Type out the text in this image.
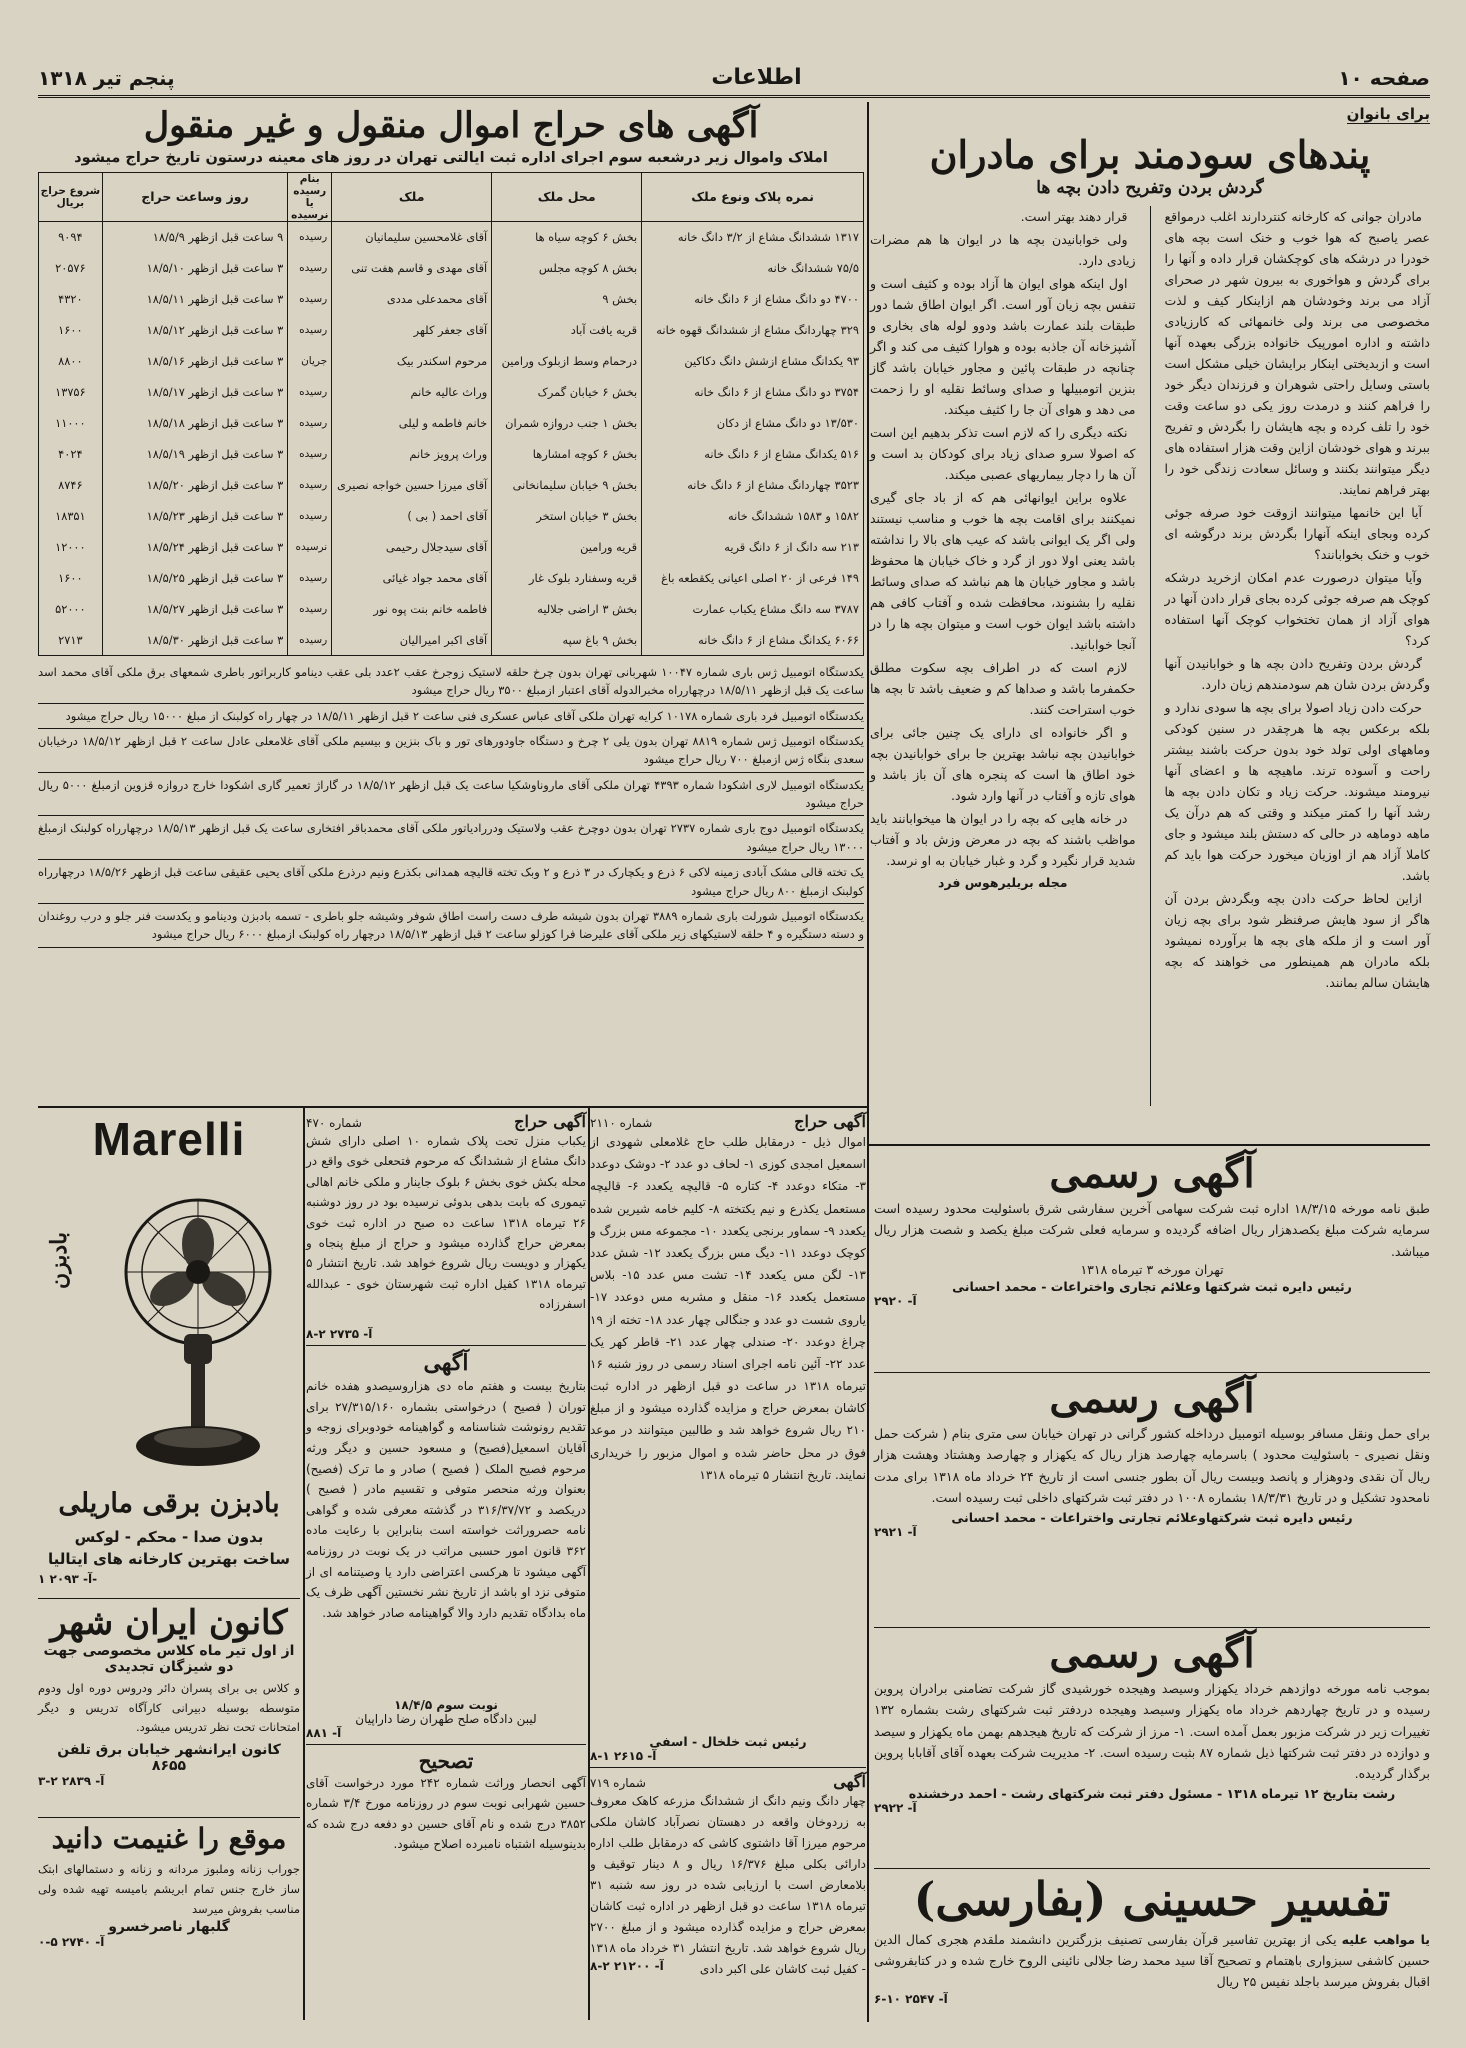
صفحه ۱۰
اطلاعات
پنجم تیر ۱۳۱۸
برای بانوان
پندهای سودمند برای مادران
گردش بردن وتفریح دادن بچه ها

مادران جوانی که کارخانه کنتردارند اغلب درمواقع عصر یاصبح که هوا خوب و خنک است بچه های خودرا در درشکه های کوچکشان قرار داده و آنها را برای گردش و هواخوری به بیرون شهر در صحرای آزاد می برند وخودشان هم ازاینکار کیف و لذت مخصوصی می برند ولی خانمهائی که کارزیادی داشته و اداره امورپیک خانواده بزرگی بعهده آنها است و ازبدیختی اینکار برایشان خیلی مشکل است باستی وسایل راحتی شوهران و فرزندان دیگر خود را فراهم کنند و درمدت روز یکی دو ساعت وقت خود را تلف کرده و بچه هایشان را بگردش و تفریح ببرند و هوای خودشان ازاین وقت هزار استفاده های دیگر میتوانند بکنند و وسائل سعادت زندگی خود را بهتر فراهم نمایند.

آیا این خانمها میتوانند ازوقت خود صرفه جوئی کرده وبجای اینکه آنهارا بگردش برند درگوشه ای خوب و خنک بخوابانند؟

وآیا میتوان درصورت عدم امکان ازخرید درشکه کوچک هم صرفه جوئی کرده بجای قرار دادن آنها در هوای آزاد از همان تختخواب کوچک آنها استفاده کرد؟

گردش بردن وتفریح دادن بچه ها و خوابانیدن آنها وگردش بردن شان هم سودمندهم زیان دارد.

حرکت دادن زیاد اصولا برای بچه ها سودی ندارد و بلکه برعکس بچه ها هرچقدر در سنین کودکی وماههای اولی تولد خود بدون حرکت باشند بیشتر راحت و آسوده ترند. ماهیچه ها و اعضای آنها نیرومند میشوند. حرکت زیاد و تکان دادن بچه ها رشد آنها را کمتر میکند و وقتی که هم درآن یک ماهه دوماهه در حالی که دستش بلند میشود و جای کاملا آزاد هم از اوزیان میخورد حرکت هوا باید کم باشد.

ازاین لحاظ حرکت دادن بچه وبگردش بردن آن هاگر از سود هایش صرفنظر شود برای بچه زیان آور است و از ملکه های بچه ها برآورده نمیشود بلکه مادران هم همینطور می خواهند که بچه هایشان سالم بمانند.

قرار دهند بهتر است.

ولی خوابانیدن بچه ها در ایوان ها هم مضرات زیادی دارد.

اول اینکه هوای ایوان ها آزاد بوده و کثیف است و تنفس بچه زیان آور است. اگر ایوان اطاق شما دور طبقات بلند عمارت باشد ودوو لوله های بخاری و آشپزخانه آن جاذبه بوده و هوارا کثیف می کند و اگر چنانچه در طبقات پائین و مجاور خیابان باشد گاز بنزین اتومبیلها و صدای وسائط نقلیه او را زحمت می دهد و هوای آن جا را کثیف میکند.

نکته دیگری را که لازم است تذکر بدهیم این است که اصولا سرو صدای زیاد برای کودکان بد است و آن ها را دچار بیماریهای عصبی میکند.

علاوه براین ایوانهائی هم که از باد جای گیری نمیکنند برای اقامت بچه ها خوب و مناسب نیستند ولی اگر یک ایوانی باشد که عیب های بالا را نداشته باشد یعنی اولا دور از گرد و خاک خیابان ها محفوظ باشد و مجاور خیابان ها هم نباشد که صدای وسائط نقلیه را بشنوند، محافظت شده و آفتاب کافی هم داشته باشد ایوان خوب است و میتوان بچه ها را در آنجا خوابانید.

لازم است که در اطراف بچه سکوت مطلق حکمفرما باشد و صداها کم و ضعیف باشد تا بچه ها خوب استراحت کنند.

و اگر خانواده ای دارای یک چنین جائی برای خوابانیدن بچه نباشد بهترین جا برای خوابانیدن بچه خود اطاق ها است که پنجره های آن باز باشد و هوای تازه و آفتاب در آنها وارد شود.

در خانه هایی که بچه را در ایوان ها میخوابانند باید مواظب باشند که بچه در معرض وزش باد و آفتاب شدید قرار نگیرد و گرد و غبار خیابان به او نرسد.

مجله بریلیرهوس فرد
آگهی های حراج اموال منقول و غیر منقول
املاک واموال زیر درشعبه سوم اجرای اداره ثبت ایالتی تهران در روز های معینه درستون تاریخ حراج میشود
نمره پلاک ونوع ملک	محل ملک	ملک	بنام رسیده یا نرسیده	روز وساعت حراج	شروع حراج بریال
۱۳۱۷ ششدانگ مشاع از ۳/۲ دانگ خانه	بخش ۶ کوچه سیاه ها	آقای غلامحسین سلیمانیان	رسیده	۹ ساعت قبل ازظهر ۱۸/۵/۹	۹۰۹۴
۷۵/۵ ششدانگ خانه	بخش ۸ کوچه مجلس	آقای مهدی و قاسم هفت تنی	رسیده	۳ ساعت قبل ازظهر ۱۸/۵/۱۰	۲۰۵۷۶
۴۷۰۰ دو دانگ مشاع از ۶ دانگ خانه	بخش ۹	آقای محمدعلی مددی	رسیده	۳ ساعت قبل ازظهر ۱۸/۵/۱۱	۴۳۲۰
۳۲۹ چهاردانگ مشاع از ششدانگ قهوه خانه	قریه یافت آباد	آقای جعفر کلهر	رسیده	۳ ساعت قبل ازظهر ۱۸/۵/۱۲	۱۶۰۰
۹۳ یکدانگ مشاع ازشش دانگ دکاکین	درحمام وسط ازبلوک ورامین	مرحوم اسکندر بیک	جریان	۳ ساعت قبل ازظهر ۱۸/۵/۱۶	۸۸۰۰
۳۷۵۴ دو دانگ مشاع از ۶ دانگ خانه	بخش ۶ خیابان گمرک	وراث عالیه خانم	رسیده	۳ ساعت قبل ازظهر ۱۸/۵/۱۷	۱۳۷۵۶
۱۳/۵۳۰ دو دانگ مشاع از دکان	بخش ۱ جنب دروازه شمران	خانم فاطمه و لیلی	رسیده	۳ ساعت قبل ازظهر ۱۸/۵/۱۸	۱۱۰۰۰
۵۱۶ یکدانگ مشاع از ۶ دانگ خانه	بخش ۶ کوچه امشارها	وراث پرویز خانم	رسیده	۳ ساعت قبل ازظهر ۱۸/۵/۱۹	۴۰۲۴
۳۵۲۳ چهاردانگ مشاع از ۶ دانگ خانه	بخش ۹ خیابان سلیمانخانی	آقای میرزا حسین خواجه نصیری	رسیده	۳ ساعت قبل ازظهر ۱۸/۵/۲۰	۸۷۴۶
۱۵۸۲ و ۱۵۸۳ ششدانگ خانه	بخش ۳ خیابان استخر	آقای احمد ( بی )	رسیده	۳ ساعت قبل ازظهر ۱۸/۵/۲۳	۱۸۳۵۱
۲۱۳ سه دانگ از ۶ دانگ قریه	قریه ورامین	آقای سیدجلال رحیمی	نرسیده	۳ ساعت قبل ازظهر ۱۸/۵/۲۴	۱۲۰۰۰
۱۴۹ فرعی از ۲۰ اصلی اعیانی یکقطعه باغ	قریه وسفنارد بلوک غار	آقای محمد جواد غیائی	رسیده	۳ ساعت قبل ازظهر ۱۸/۵/۲۵	۱۶۰۰
۳۷۸۷ سه دانگ مشاع یکباب عمارت	بخش ۳ اراضی جلالیه	فاطمه خانم بنت پوه نور	رسیده	۳ ساعت قبل ازظهر ۱۸/۵/۲۷	۵۲۰۰۰
۶۰۶۶ یکدانگ مشاع از ۶ دانگ خانه	بخش ۹ باغ سپه	آقای اکبر امیرالیان	رسیده	۳ ساعت قبل ازظهر ۱۸/۵/۳۰	۲۷۱۳

یکدستگاه اتومبیل ژس باری شماره ۱۰۰۴۷ شهربانی تهران بدون چرخ حلقه لاستیک زوجرخ عقب ۲عدد بلی عقب دینامو کاربراتور باطری شمعهای برق ملکی آقای محمد اسد ساعت یک قبل ازظهر ۱۸/۵/۱۱ درچهارراه مخبرالدوله آقای اعتبار ازمبلغ ۳۵۰۰ ریال حراج میشود

یکدستگاه اتومبیل فرد باری شماره ۱۰۱۷۸ کرایه تهران ملکی آقای عباس عسکری فنی ساعت ۲ قبل ازظهر ۱۸/۵/۱۱ در چهار راه کولبنک از مبلغ ۱۵۰۰۰ ریال حراج میشود

یکدستگاه اتومبیل ژس شماره ۸۸۱۹ تهران بدون یلی ۲ چرخ و دستگاه جاودورهای تور و باک بنزین و بیسیم ملکی آقای غلامعلی عادل ساعت ۲ قبل ازظهر ۱۸/۵/۱۲ درخیابان سعدی بنگاه ژس ازمبلغ ۷۰۰ ریال حراج میشود

یکدستگاه اتومبیل لاری اشکودا شماره ۴۳۹۳ تهران ملکی آقای ماروناوشکیا ساعت یک قبل ازظهر ۱۸/۵/۱۲ در گاراژ تعمیر گاری اشکودا خارج دروازه قزوین ازمبلغ ۵۰۰۰ ریال حراج میشود

یکدستگاه اتومبیل دوج باری شماره ۲۷۳۷ تهران بدون دوچرخ عقب ولاستیک ودررادیاتور ملکی آقای محمدباقر افتخاری ساعت یک قبل ازظهر ۱۸/۵/۱۳ درچهارراه کولبنک ازمبلغ ۱۳۰۰۰ ریال حراج میشود

یک تخته قالی مشک آبادی زمینه لاکی ۶ ذرع و یکچارک در ۳ ذرع و ۲ وبک تخته قالیچه همدانی بکذرع ونیم درذرع ملکی آقای یحیی عقیقی ساعت قبل ازظهر ۱۸/۵/۲۶ درچهارراه کولبنک ازمبلغ ۸۰۰ ریال حراج میشود

یکدستگاه اتومبیل شورلت باری شماره ۳۸۸۹ تهران بدون شیشه طرف دست راست اطاق شوفر وشیشه جلو باطری - تسمه بادبزن ودینامو و یکدست فنر جلو و درب روغندان و دسته دستگیره و ۴ حلقه لاستیکهای زیر ملکی آقای علیرضا فرا کوزلو ساعت ۲ قبل ازظهر ۱۸/۵/۱۳ درچهار راه کولبنک ازمبلغ ۶۰۰۰ ریال حراج میشود

آگهی حراج
شماره ۲۱۱۰
اموال ذیل - درمقابل طلب حاج غلامعلی شهودی از اسمعیل امجدی کوزی ۱- لحاف دو عدد ۲- دوشک دوعدد ۳- متکاء دوعدد ۴- کتاره ۵- قالیچه یکعدد ۶- قالیچه مستعمل یکذرع و نیم یکتخته ۸- کلیم خامه شیرین شده یکعدد ۹- سماور برنجی یکعدد ۱۰- مجموعه مس بزرگ و کوچک دوعدد ۱۱- دیگ مس بزرگ یکعدد ۱۲- شش عدد ۱۳- لگن مس یکعدد ۱۴- تشت مس عدد ۱۵- بلاس مستعمل یکعدد ۱۶- منقل و مشربه مس دوعدد ۱۷- یاروی شست دو عدد و جنگالی چهار عدد ۱۸- تخته از ۱۹ چراغ دوعدد ۲۰- صندلی چهار عدد ۲۱- قاطر کهر یک عدد ۲۲- آئین نامه اجرای اسناد رسمی در روز شنبه ۱۶ تیرماه ۱۳۱۸ در ساعت دو قبل ازظهر در اداره ثبت کاشان بمعرض حراج و مزایده گذارده میشود و از مبلغ ۲۱۰ ریال شروع خواهد شد و طالبین میتوانند در موعد فوق در محل حاضر شده و اموال مزبور را خریداری نمایند. تاریخ انتشار ۵ تیرماه ۱۳۱۸
رئیس ثبت خلخال - اسفی
آ- ۲۶۱۵ ۱-۸
آگهی
شماره ۷۱۹
چهار دانگ ونیم دانگ از ششدانگ مزرعه کاهک معروف به زردوخان واقعه در دهستان نصرآباد کاشان ملکی مرحوم میرزا آقا داشتوی کاشی که درمقابل طلب اداره دارائی بکلی مبلغ ۱۶/۳۷۶ ریال و ۸ دینار توقیف و بلامعارض است با ارزیابی شده در روز سه شنبه ۳۱ تیرماه ۱۳۱۸ ساعت دو قبل ازظهر در اداره ثبت کاشان بمعرض حراج و مزایده گذارده میشود و از مبلغ ۲۷۰۰ ریال شروع خواهد شد. تاریخ انتشار ۳۱ خرداد ماه ۱۳۱۸ - کفیل ثبت کاشان علی اکبر دادی
آ- ۲۱۲۰۰ ۲-۸
آگهی حراج
شماره ۴۷۰
یکباب منزل تحت پلاک شماره ۱۰ اصلی دارای شش دانگ مشاع از ششدانگ که مرحوم فتحعلی خوی واقع در محله بکش خوی بخش ۶ بلوک جاینار و ملکی خانم اهالی تیموری که بابت بدهی بدوئی نرسیده بود در روز دوشنبه ۲۶ تیرماه ۱۳۱۸ ساعت ده صبح در اداره ثبت خوی بمعرض حراج گذارده میشود و حراج از مبلغ پنجاه و یکهزار و دویست ریال شروع خواهد شد. تاریخ انتشار ۵ تیرماه ۱۳۱۸ کفیل اداره ثبت شهرستان خوی - عبدالله اسفرزاده
آ- ۲۷۳۵ ۲-۸
آگهی
بتاریخ بیست و هفتم ماه دی هزاروسیصدو هفده خانم توران ( فصیح ) درخواستی بشماره ۲۷/۳۱۵/۱۶۰ برای تقدیم رونوشت شناسنامه و گواهینامه خودوبرای زوجه و آقایان اسمعیل(فصیح) و مسعود حسین و دیگر ورثه مرحوم فصیح الملک ( فصیح ) صادر و ما ترک (فصیح) بعنوان ورثه منحصر متوفی و تقسیم مادر ( فصیح ) دریکصد و ۳۱۶/۳۷/۷۲ در گذشته معرفی شده و گواهی نامه حصروراثت خواسته است بنابراین با رعایت ماده ۳۶۲ قانون امور حسبی مراتب در یک نوبت در روزنامه آگهی میشود تا هرکسی اعتراضی دارد یا وصیتنامه ای از متوفی نزد او باشد از تاریخ نشر نخستین آگهی ظرف یک ماه بدادگاه تقدیم دارد والا گواهینامه صادر خواهد شد.
نوبت سوم ۱۸/۴/۵
لیبن دادگاه صلح طهران رضا داراپیان
آ- ۸۸۱
تصحیح
آگهی انحصار وراثت شماره ۲۴۲ مورد درخواست آقای حسین شهرابی نوبت سوم در روزنامه مورخ ۳/۴ شماره ۳۸۵۲ درج شده و نام آقای حسین دو دفعه درج شده که بدینوسیله اشتباه نامبرده اصلاح میشود.
Marelli
بادبزن
بادبزن برقی ماریلی
بدون صدا - محکم - لوکس
ساخت بهترین کارخانه های ایتالیا
آ- ۲۰۹۳ ۱-
کانون ایران شهر
از اول تیر ماه کلاس مخصوصی جهت دو شیزگان تجدیدی
و کلاس بی برای پسران دائر ودروس دوره اول ودوم متوسطه بوسیله دبیرانی کارآگاه تدریس و دیگر امتحانات تحت نظر تدریس میشود.
کانون ایرانشهر خیابان برق تلفن ۸۶۵۵
آ- ۲۸۳۹ ۲-۳
موقع را غنیمت دانید
جوراب زنانه وملبوز مردانه و زنانه و دستمالهای ابتک ساز خارج جنس تمام ابریشم بامیسه تهیه شده ولی مناسب بفروش میرسد
گلبهار ناصرخسرو
آ- ۲۷۴۰ ۵-۰
آگهی رسمی
طبق نامه مورخه ۱۸/۳/۱۵ اداره ثبت شرکت سهامی آخرین سفارشی شرق باسئولیت محدود رسیده است سرمایه شرکت مبلغ یکصدهزار ریال اضافه گردیده و سرمایه فعلی شرکت مبلغ یکصد و شصت هزار ریال میباشد.
تهران مورخه ۳ تیرماه ۱۳۱۸
رئیس دایره ثبت شرکتها وعلائم تجاری واختراعات - محمد احسانی
آ- ۲۹۲۰
آگهی رسمی
برای حمل ونقل مسافر بوسیله اتومبیل درداخله کشور گرانی در تهران خیابان سی متری بنام ( شرکت حمل ونقل نصیری - باسئولیت محدود ) باسرمایه چهارصد هزار ریال که یکهزار و چهارصد وهشتاد وهشت هزار ریال آن نقدی ودوهزار و پانصد وبیست ریال آن بطور جنسی است از تاریخ ۲۴ خرداد ماه ۱۳۱۸ برای مدت نامحدود تشکیل و در تاریخ ۱۸/۳/۳۱ بشماره ۱۰۰۸ در دفتر ثبت شرکتهای داخلی ثبت رسیده است.
رئیس دایره ثبت شرکتهاوعلائم تجارتی واختراعات - محمد احسانی
آ- ۲۹۲۱
آگهی رسمی
بموجب نامه مورخه دوازدهم خرداد یکهزار وسیصد وهیجده خورشیدی گاز شرکت تضامنی برادران پروین رسیده و در تاریخ چهاردهم خرداد ماه یکهزار وسیصد وهیجده دردفتر ثبت شرکتهای رشت بشماره ۱۳۲ تغییرات زیر در شرکت مزبور بعمل آمده است. ۱- مرز از شرکت که تاریخ هیجدهم بهمن ماه یکهزار و سیصد و دوازده در دفتر ثبت شرکتها ذیل شماره ۸۷ بثبت رسیده است. ۲- مدیریت شرکت بعهده آقای آقابابا پروین برگذار گردیده.
رشت بتاریخ ۱۲ تیرماه ۱۳۱۸ - مسئول دفتر ثبت شرکتهای رشت - احمد درخشنده
آ- ۲۹۲۲
تفسیر حسینی (بفارسی)
یا مواهب علیه یکی از بهترین تفاسیر قرآن بفارسی تصنیف بزرگترین دانشمند ملقدم هجری کمال الدین حسین کاشفی سبزواری باهتمام و تصحیح آقا سید محمد رضا جلالی نائینی الروح خارج شده و در کتابفروشی اقبال بفروش میرسد باجلد نفیس ۲۵ ریال
آ- ۲۵۴۷ ۱۰-۶
